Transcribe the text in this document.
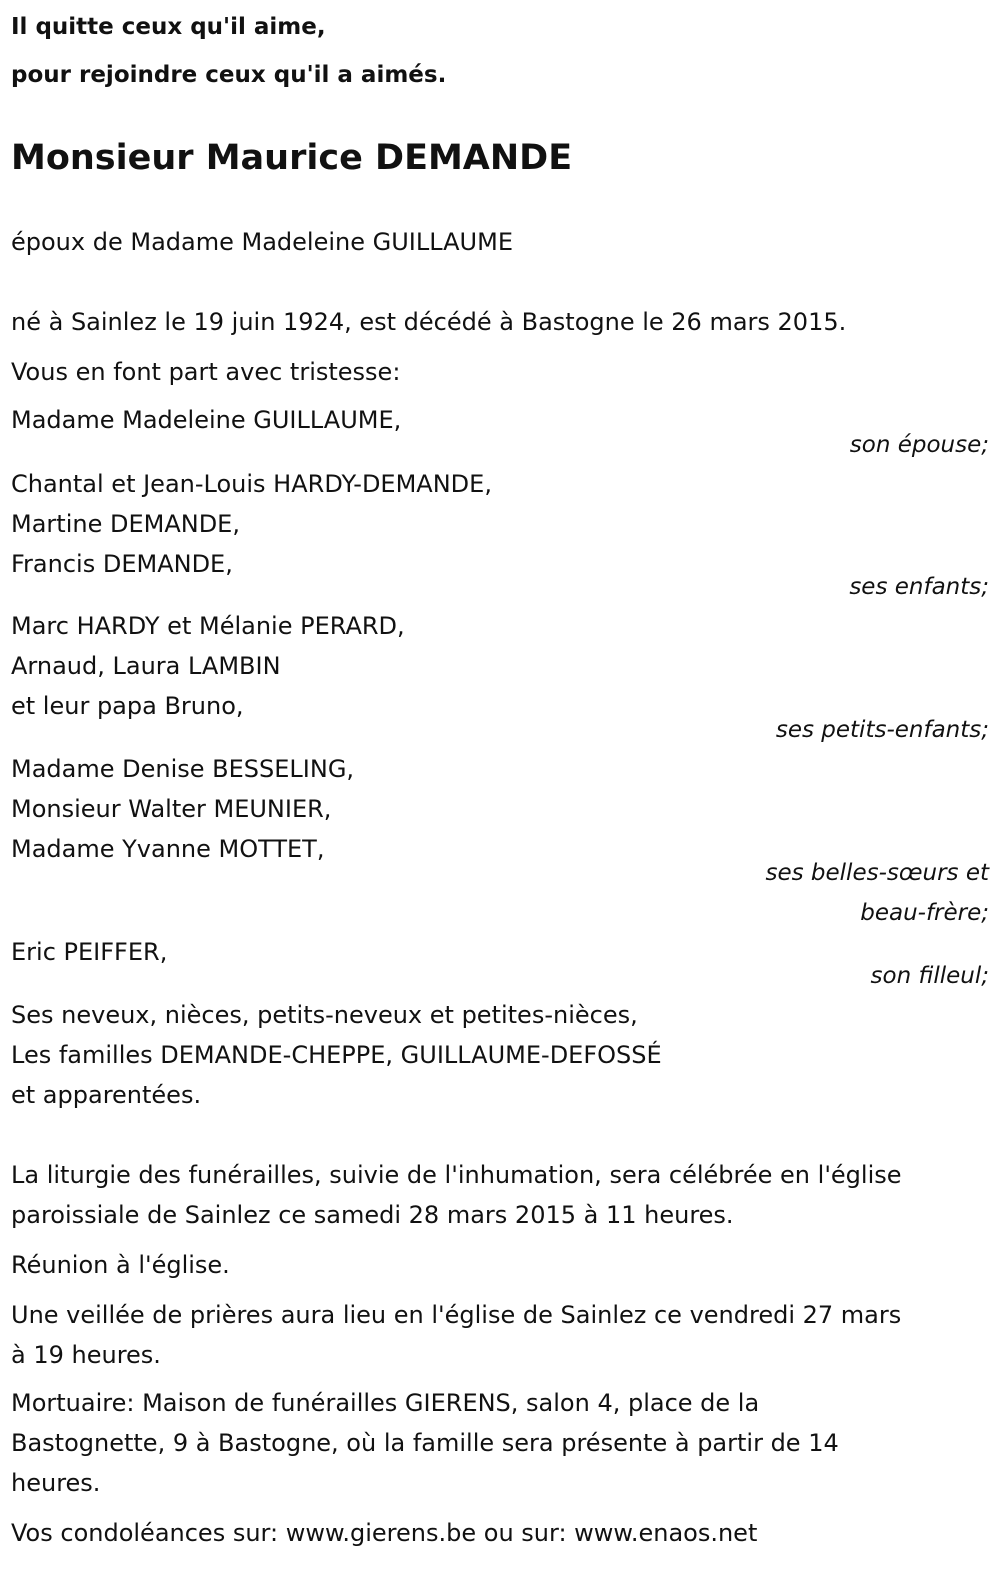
Il quitte ceux qu'il aime,
pour rejoindre ceux qu'il a aimés.
Monsieur Maurice DEMANDE
époux de Madame Madeleine GUILLAUME
né à Sainlez le 19 juin 1924, est décédé à Bastogne le 26 mars 2015.
Vous en font part avec tristesse:
Madame Madeleine GUILLAUME,
son épouse;
Chantal et Jean-Louis HARDY-DEMANDE,
Martine DEMANDE,
Francis DEMANDE,
ses enfants;
Marc HARDY et Mélanie PERARD,
Arnaud, Laura LAMBIN
et leur papa Bruno,
ses petits-enfants;
Madame Denise BESSELING,
Monsieur Walter MEUNIER,
Madame Yvanne MOTTET,
ses belles-sœurs et
beau-frère;
Eric PEIFFER,
son filleul;
Ses neveux, nièces, petits-neveux et petites-nièces,
Les familles DEMANDE-CHEPPE, GUILLAUME-DEFOSSÉ
et apparentées.
La liturgie des funérailles, suivie de l'inhumation, sera célébrée en l'église
paroissiale de Sainlez ce samedi 28 mars 2015 à 11 heures.
Réunion à l'église.
Une veillée de prières aura lieu en l'église de Sainlez ce vendredi 27 mars
à 19 heures.
Mortuaire: Maison de funérailles GIERENS, salon 4, place de la
Bastognette, 9 à Bastogne, où la famille sera présente à partir de 14
heures.
Vos condoléances sur: www.gierens.be ou sur: www.enaos.net
